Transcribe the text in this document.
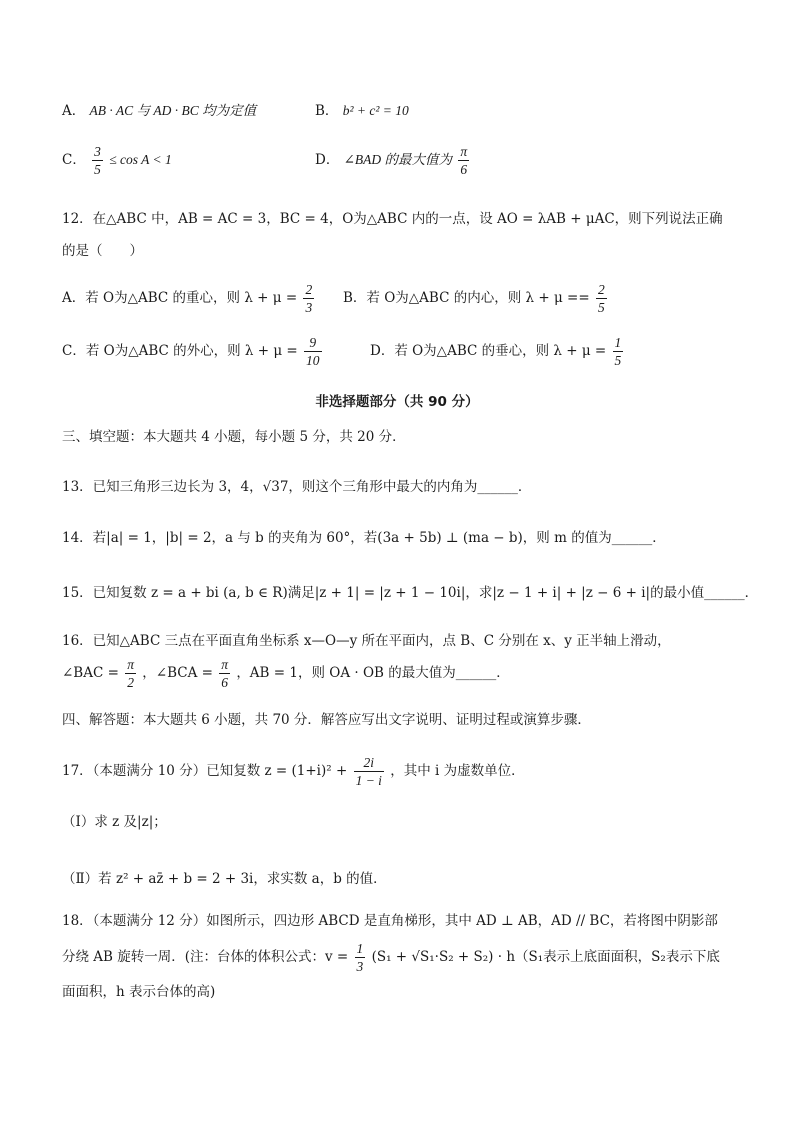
A． AB · AC 与 AD · BC 均为定值	B． b² + c² = 10
C． $\frac{3}{5} \le \cos A < 1$	D． ∠BAD 的最大值为 $\frac{\pi}{6}$
12．在△ABC 中，AB = AC = 3，BC = 4，O为△ABC 内的一点，设 AO = λAB + μAC，则下列说法正确
的是（　　）
A．若 O为△ABC 的重心，则 $\lambda + \mu = \frac{2}{3}$ B．若 O为△ABC 的内心，则 $\lambda + \mu == \frac{2}{5}$
C．若 O为△ABC 的外心，则 $\lambda + \mu = \frac{9}{10}$	D．若 O为△ABC 的垂心，则 $\lambda + \mu = \frac{1}{5}$
非选择题部分（共 90 分）
三、填空题：本大题共 4 小题，每小题 5 分，共 20 分．
13．已知三角形三边长为 3，4，√37，则这个三角形中最大的内角为______．
14．若|a| = 1，|b| = 2，a 与 b 的夹角为 60°，若(3a + 5b) ⊥ (ma − b)，则 m 的值为______．
15．已知复数 z = a + bi (a, b ∈ R)满足|z + 1| = |z + 1 − 10i|，求|z − 1 + i| + |z − 6 + i|的最小值______．
16．已知△ABC 三点在平面直角坐标系 x—O—y 所在平面内，点 B、C 分别在 x、y 正半轴上滑动，
∠BAC = $\frac{\pi}{2}$ ，∠BCA = $\frac{\pi}{6}$ ，AB = 1，则 OA · OB 的最大值为______．
四、解答题：本大题共 6 小题，共 70 分．解答应写出文字说明、证明过程或演算步骤．
17．（本题满分 10 分）已知复数 $z = (1+i)^2 + \frac{2i}{1 - i}$ ，其中 i 为虚数单位．
（Ⅰ）求 z 及|z|；
（Ⅱ）若 z² + az̄ + b = 2 + 3i，求实数 a，b 的值．
18．（本题满分 12 分）如图所示，四边形 ABCD 是直角梯形，其中 AD ⊥ AB，AD // BC，若将图中阴影部
分绕 AB 旋转一周．(注：台体的体积公式：$v = \frac{1}{3} (S_1 + √S_1\cdot S_2 + S_2) \cdot h(S_1$表示上底面面积，S₂表示下底
面面积，h 表示台体的高)
